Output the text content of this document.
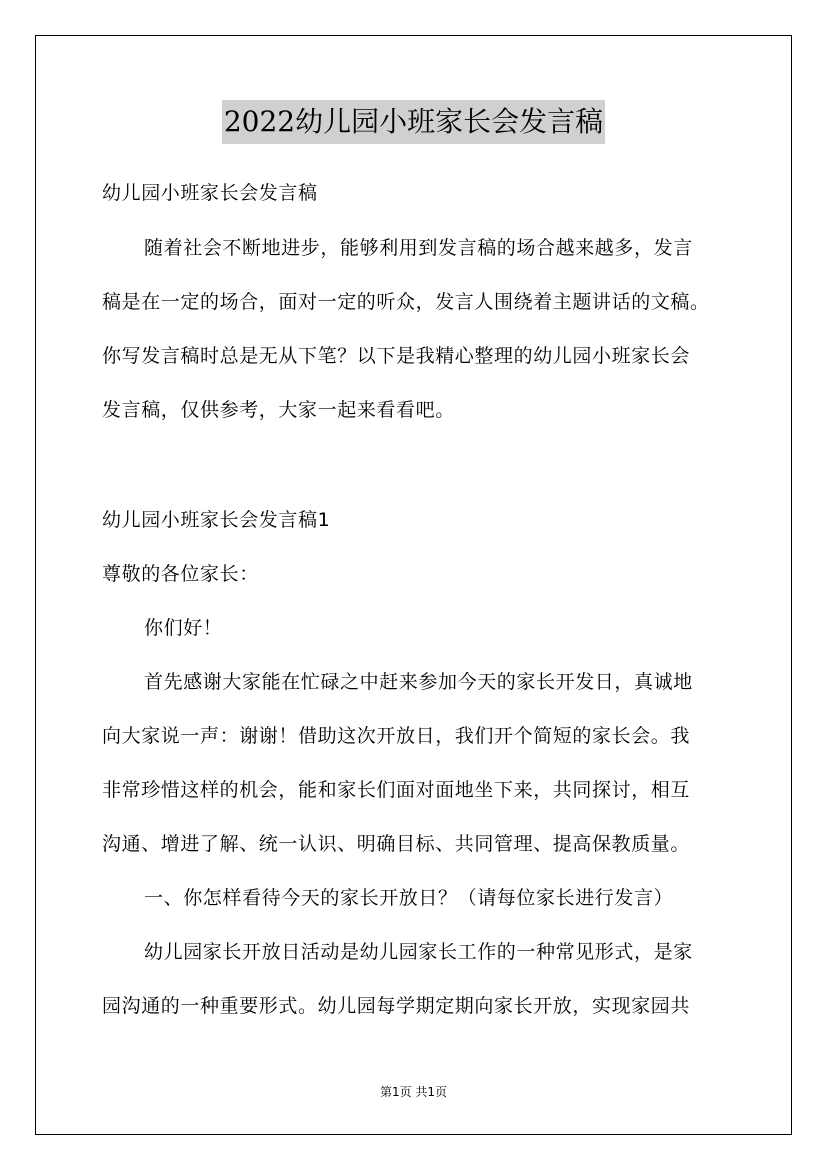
2022幼儿园小班家长会发言稿
幼儿园小班家长会发言稿
随着社会不断地进步，能够利用到发言稿的场合越来越多，发言
稿是在一定的场合，面对一定的听众，发言人围绕着主题讲话的文稿。
你写发言稿时总是无从下笔？以下是我精心整理的幼儿园小班家长会
发言稿，仅供参考，大家一起来看看吧。
幼儿园小班家长会发言稿1
尊敬的各位家长：
你们好！
首先感谢大家能在忙碌之中赶来参加今天的家长开发日，真诚地
向大家说一声：谢谢！借助这次开放日，我们开个简短的家长会。我
非常珍惜这样的机会，能和家长们面对面地坐下来，共同探讨，相互
沟通、增进了解、统一认识、明确目标、共同管理、提高保教质量。
一、你怎样看待今天的家长开放日？（请每位家长进行发言）
幼儿园家长开放日活动是幼儿园家长工作的一种常见形式，是家
园沟通的一种重要形式。幼儿园每学期定期向家长开放，实现家园共
第1页 共1页
